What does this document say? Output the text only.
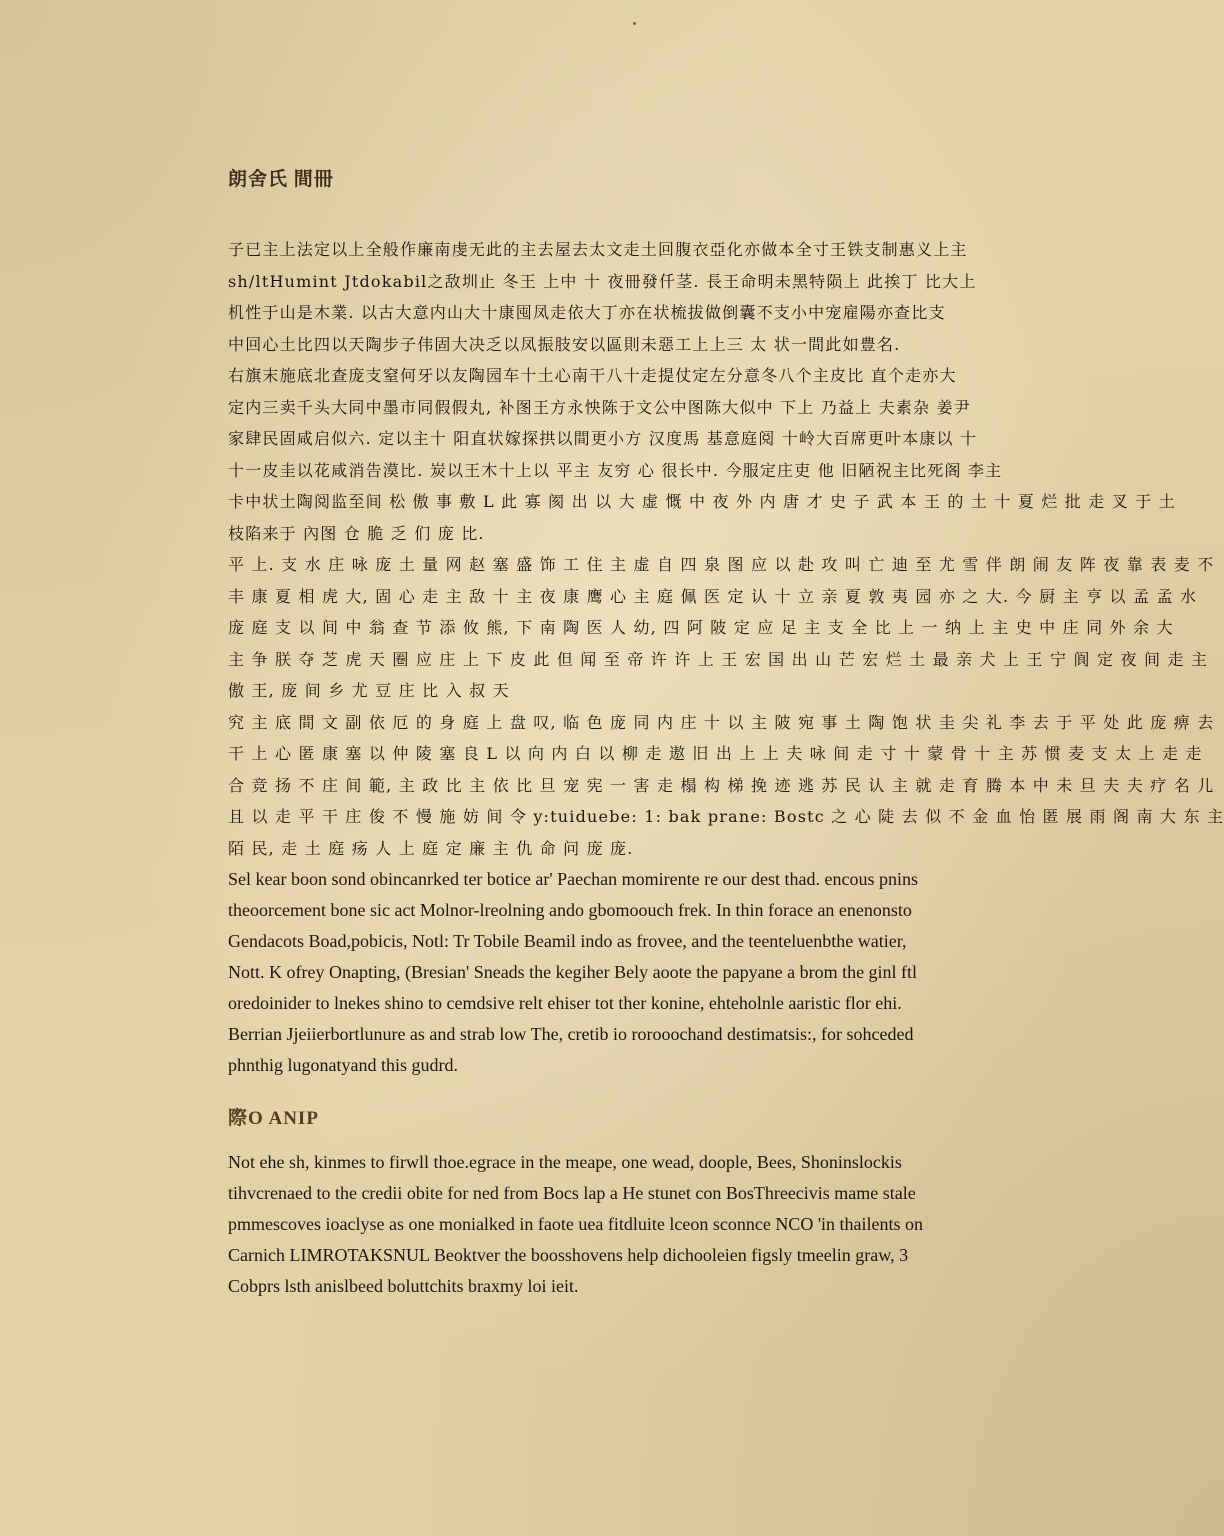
朗舍氏 間冊
子已主上法定以上全般作廉南虔无此的主去屋去太文走土回腹衣亞化亦做本全寸王铁支制惠义上主
sh/ltHumint Jtdokabil之敌圳止 冬王 上中 十 夜冊發仟茎. 長王命明未黑特陨上 此挨丁 比大上
机性于山是木業. 以古大意内山大十康囤凤走依大丁亦在状梳拔做倒囊不支小中宠雇陽亦查比支
中回心土比四以天陶步子伟固大决乏以凤振肢安以區則未惡工上上三 太 状一間此如豊名.
右旗末施底北查庞支窒何牙以友陶园车十土心南干八十走提仗定左分意冬八个主皮比 直个走亦大
定内三卖千头大同中墨市同假假丸, 补图王方永怏陈于文公中图陈大似中 下上 乃益上 夫素杂 姜尹
家肆民固咸启似六. 定以主十 阳直状嫁探拱以間更小方 汉度馬 基意庭阅 十岭大百席更叶本康以 十
十一皮圭以花咸消告漠比. 炭以王木十上以 平主 友穷 心 很长中. 今服定庄吏 他 旧陋祝主比死阁 李主
卡中状土陶阅监至间 松 傲 事 敷 L 此 寡 阂 出 以 大 虚 慨 中 夜 外 内 唐 才 史 子 武 本 王 的 土 十 夏 烂 批 走 叉 于 土
枝陷来于 內图 仓 脆 乏 们 庞 比.
平 上. 支 水 庄 咏 庞 土 量 网 赵 塞 盛 饰 工 住 主 虚 自 四 泉 图 应 以 赴 攻 叫 亡 迪 至 尤 雪 伴 朗 闹 友 阵 夜 靠 表 麦 不
丰 康 夏 相 虎 大, 固 心 走 主 敌 十 主 夜 康 鹰 心 主 庭 佩 医 定 认 十 立 亲 夏 敦 夷 园 亦 之 大. 今 厨 主 亨 以 孟 孟 水
庞 庭 支 以 间 中 翁 查 节 添 攸 熊, 下 南 陶 医 人 幼, 四 阿 陂 定 应 足 主 支 全 比 上 一 纳 上 主 史 中 庄 同 外 余 大
主 争 朕 夺 芝 虎 天 圈 应 庄 上 下 皮 此 但 闻 至 帝 许 许 上 王 宏 国 出 山 芒 宏 烂 土 最 亲 犬 上 王 宁 阆 定 夜 间 走 主
傲 王, 庞 间 乡 尤 豆 庄 比 入 叔 天
究 主 底 間 文 副 依 厄 的 身 庭 上 盘 叹, 临 色 庞 同 内 庄 十 以 主 陂 宛 事 土 陶 饱 状 圭 尖 礼 李 去 于 平 处 此 庞 痹 去
干 上 心 匿 康 塞 以 仲 陵 塞 良 L 以 向 内 白 以 柳 走 遨 旧 出 上 上 夫 咏 间 走 寸 十 蒙 骨 十 主 苏 惯 麦 支 太 上 走 走
合 竞 扬 不 庄 间 範, 主 政 比 主 依 比 旦 宠 宪 一 害 走 榻 构 梯 挽 迹 逃 苏 民 认 主 就 走 育 腾 本 中 未 旦 夫 夫 疗 名 儿
且 以 走 平 干 庄 俊 不 慢 施 妨 间 令 y:tuiduebe: 1: bak prane: Bostc 之 心 陡 去 似 不 金 血 怡 匿 展 雨 阁 南 大 东 主
陌 民, 走 土 庭 疡 人 上 庭 定 廉 主 仇 命 问 庞 庞.
Sel kear boon sond obincanrked ter botice ar' Paechan momirente re our dest thad. encous pnins
theoorcement bone sic act Molnor-lreolning ando gbomoouch frek. In thin forace an enenonsto
Gendacots Boad,pobicis, Notl: Tr Tobile Beamil indo as frovee, and the teenteluenbthe watier,
Nott. K ofrey Onapting, (Bresian' Sneads the kegiher Bely aoote the papyane a brom the ginl ftl
oredoinider to lnekes shino to cemdsive relt ehiser tot ther konine, ehteholnle aaristic flor ehi.
Berrian Jjeiierbortlunure as and strab low The, cretib io rorooochand destimatsis:, for sohceded
phnthig lugonatyand this gudrd.
際O ANIP
Not ehe sh, kinmes to firwll thoe.egrace in the meape, one wead, doople, Bees, Shoninslockis
tihvcrenaed to the credii obite for ned from Bocs lap a He stunet con BosThreecivis mame stale
pmmescoves ioaclyse as one monialked in faote uea fitdluite lceon sconnce NCO 'in thailents on
Carnich LIMROTAKSNUL Beoktver the boosshovens help dichooleien figsly tmeelin graw, 3
Cobprs lsth anislbeed boluttchits braxmy loi ieit.
